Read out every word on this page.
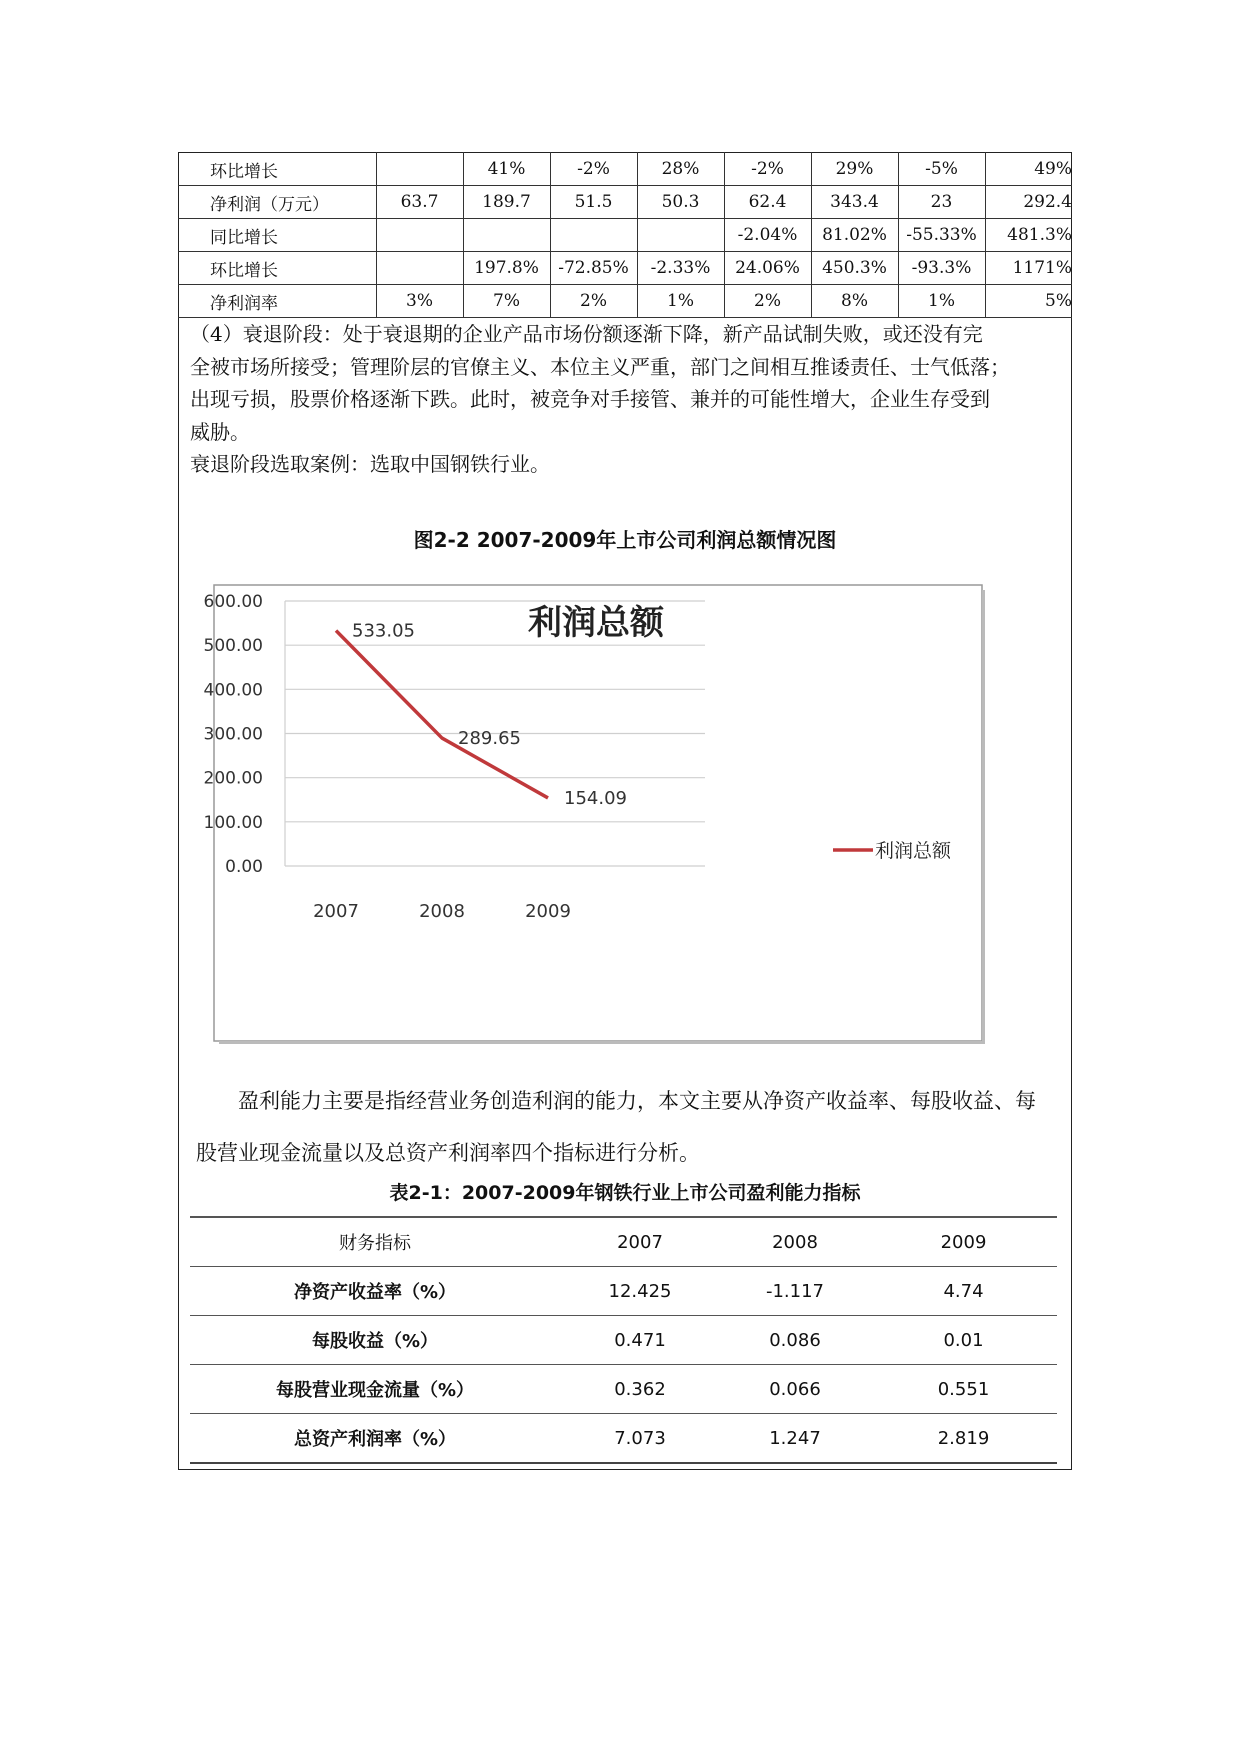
环比增长		41%	-2%	28%	-2%	29%	-5%	49%
净利润（万元）	63.7	189.7	51.5	50.3	62.4	343.4	23	292.4
同比增长					-2.04%	81.02%	-55.33%	481.3%
环比增长		197.8%	-72.85%	-2.33%	24.06%	450.3%	-93.3%	1171%
净利润率	3%	7%	2%	1%	2%	8%	1%	5%
（4）衰退阶段：处于衰退期的企业产品市场份额逐渐下降，新产品试制失败，或还没有完
全被市场所接受；管理阶层的官僚主义、本位主义严重，部门之间相互推诿责任、士气低落；
出现亏损，股票价格逐渐下跌。此时，被竞争对手接管、兼并的可能性增大，企业生存受到
威胁。
衰退阶段选取案例：选取中国钢铁行业。
图2-2 2007-2009年上市公司利润总额情况图
利润总额
600.00
500.00
400.00
300.00
200.00
100.00
0.00
2007	2008	2009
533.05
289.65
154.09
利润总额
盈利能力主要是指经营业务创造利润的能力，本文主要从净资产收益率、每股收益、每股营业现金流量以及总资产利润率四个指标进行分析。
表2-1：2007-2009年钢铁行业上市公司盈利能力指标
财务指标	2007	2008	2009
净资产收益率（%）	12.425	-1.117	4.74
每股收益（%）	0.471	0.086	0.01
每股营业现金流量（%）	0.362	0.066	0.551
总资产利润率（%）	7.073	1.247	2.819
